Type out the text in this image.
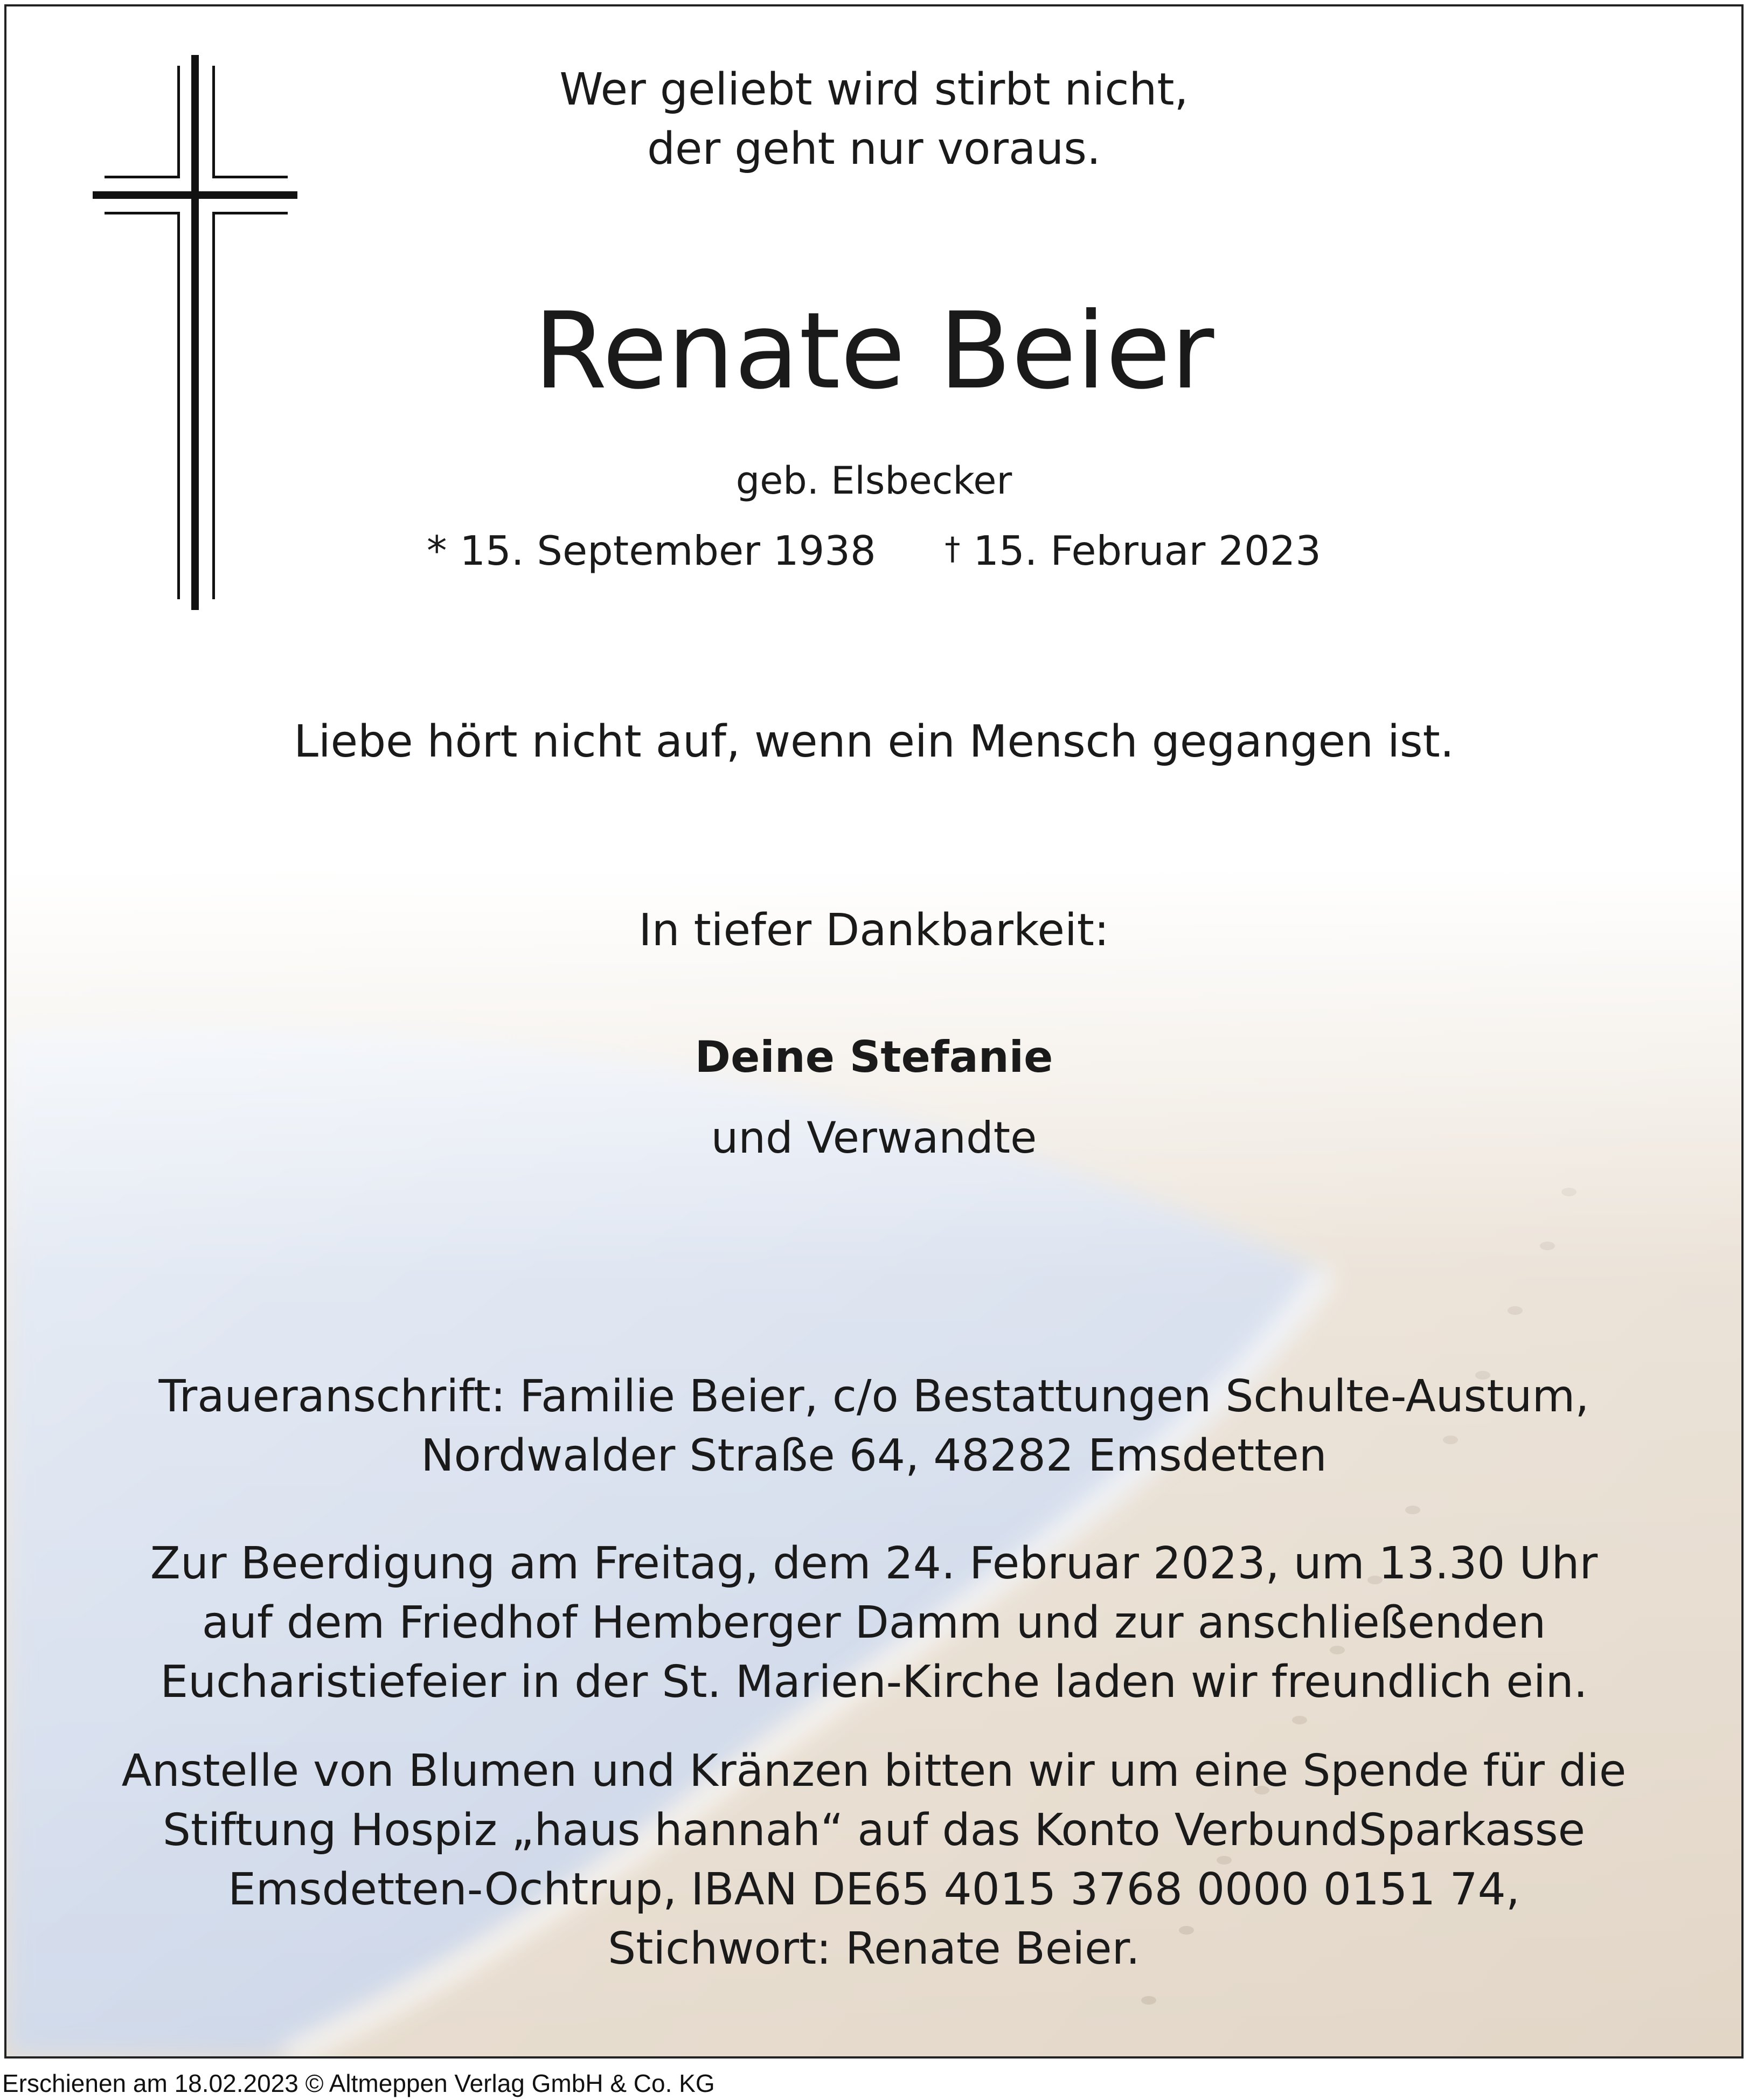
Wer geliebt wird stirbt nicht,
der geht nur voraus.
Renate Beier
geb. Elsbecker
* 15. September 1938 † 15. Februar 2023
Liebe hört nicht auf, wenn ein Mensch gegangen ist.
In tiefer Dankbarkeit:
Deine Stefanie
und Verwandte
Traueranschrift: Familie Beier, c/o Bestattungen Schulte-Austum,
Nordwalder Straße 64, 48282 Emsdetten
Zur Beerdigung am Freitag, dem 24. Februar 2023, um 13.30 Uhr
auf dem Friedhof Hemberger Damm und zur anschließenden
Eucharistiefeier in der St. Marien-Kirche laden wir freundlich ein.
Anstelle von Blumen und Kränzen bitten wir um eine Spende für die
Stiftung Hospiz „haus hannah“ auf das Konto VerbundSparkasse
Emsdetten-Ochtrup, IBAN DE65 4015 3768 0000 0151 74,
Stichwort: Renate Beier.
Erschienen am 18.02.2023 © Altmeppen Verlag GmbH & Co. KG
